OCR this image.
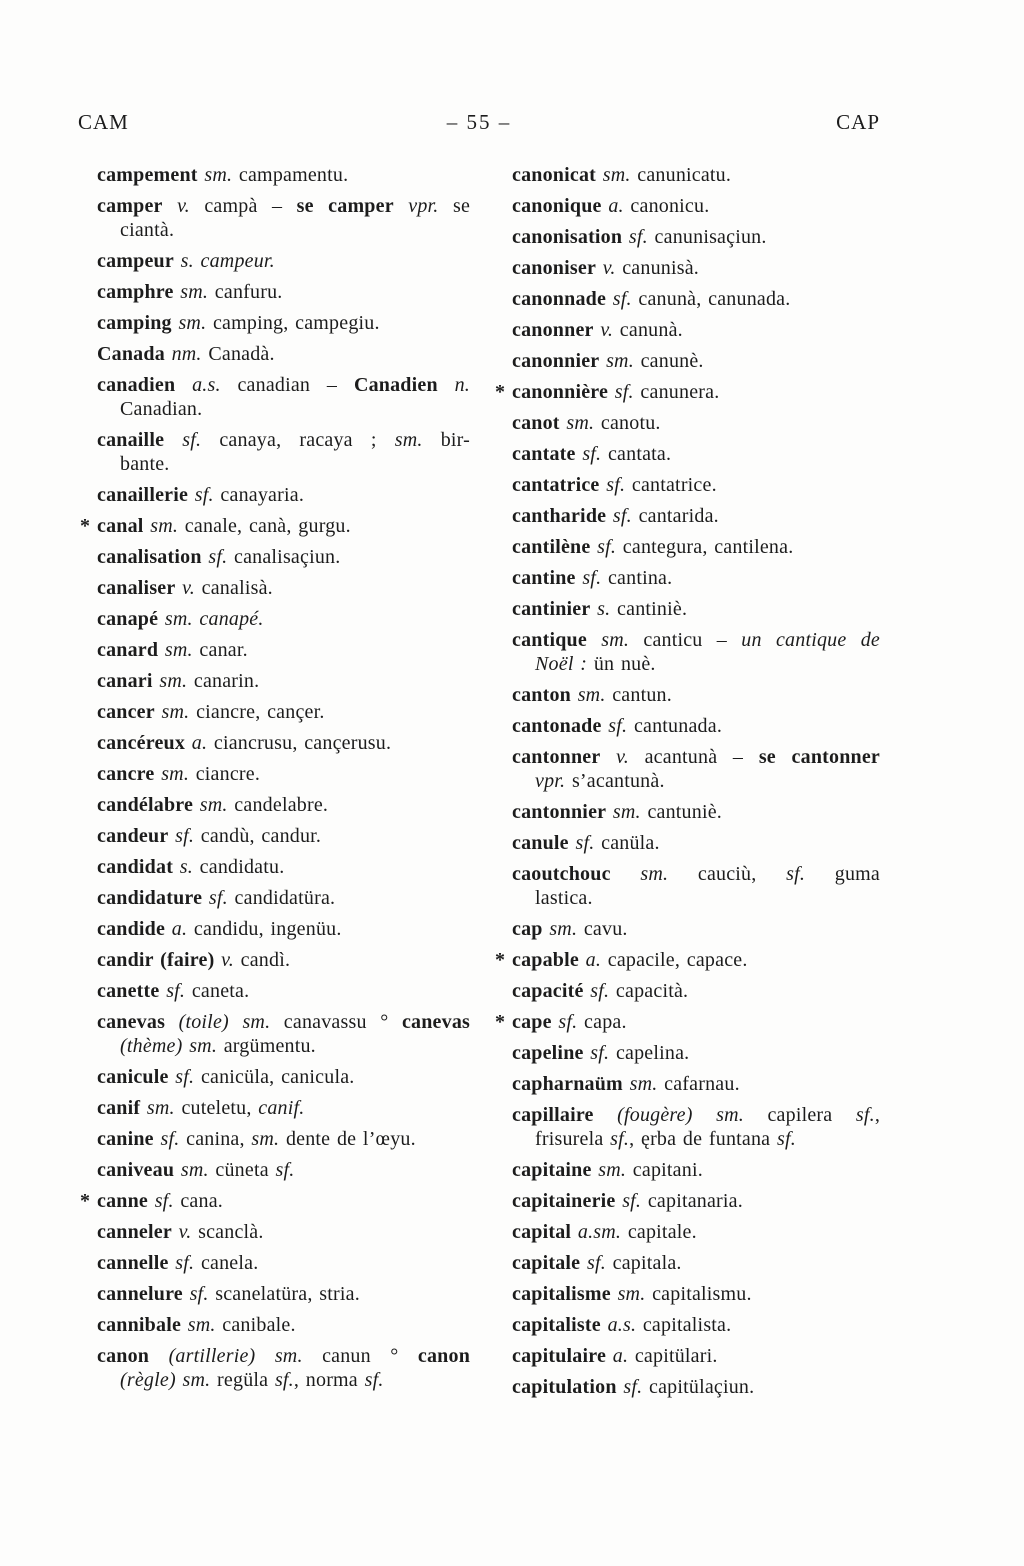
CAM	– 55 –	CAP
campement sm. campamentu.
camper v. campà – se camper vpr. se
ciantà.
campeur s. campeur.
camphre sm. canfuru.
camping sm. camping, campegiu.
Canada nm. Canadà.
canadien a.s. canadian – Canadien n.
Canadian.
canaille sf. canaya, racaya ; sm. bir-
bante.
canaillerie sf. canayaria.
* canal sm. canale, canà, gurgu.
canalisation sf. canalisaçiun.
canaliser v. canalisà.
canapé sm. canapé.
canard sm. canar.
canari sm. canarin.
cancer sm. ciancre, cançer.
cancéreux a. ciancrusu, cançerusu.
cancre sm. ciancre.
candélabre sm. candelabre.
candeur sf. candù, candur.
candidat s. candidatu.
candidature sf. candidatüra.
candide a. candidu, ingenüu.
candir (faire) v. candì.
canette sf. caneta.
canevas (toile) sm. canavassu ° canevas
(thème) sm. argümentu.
canicule sf. canicüla, canicula.
canif sm. cuteletu, canif.
canine sf. canina, sm. dente de l’œyu.
caniveau sm. cüneta sf.
* canne sf. cana.
canneler v. scanclà.
cannelle sf. canela.
cannelure sf. scanelatüra, stria.
cannibale sm. canibale.
canon (artillerie) sm. canun ° canon
(règle) sm. regüla sf., norma sf.
canonicat sm. canunicatu.
canonique a. canonicu.
canonisation sf. canunisaçiun.
canoniser v. canunisà.
canonnade sf. canunà, canunada.
canonner v. canunà.
canonnier sm. canunè.
* canonnière sf. canunera.
canot sm. canotu.
cantate sf. cantata.
cantatrice sf. cantatrice.
cantharide sf. cantarida.
cantilène sf. cantegura, cantilena.
cantine sf. cantina.
cantinier s. cantiniè.
cantique sm. canticu – un cantique de
Noël : ün nuè.
canton sm. cantun.
cantonade sf. cantunada.
cantonner v. acantunà – se cantonner
vpr. s’acantunà.
cantonnier sm. cantuniè.
canule sf. canüla.
caoutchouc sm. cauciù, sf. guma
lastica.
cap sm. cavu.
* capable a. capacile, capace.
capacité sf. capacità.
* cape sf. capa.
capeline sf. capelina.
capharnaüm sm. cafarnau.
capillaire (fougère) sm. capilera sf.,
frisurela sf., ęrba de funtana sf.
capitaine sm. capitani.
capitainerie sf. capitanaria.
capital a.sm. capitale.
capitale sf. capitala.
capitalisme sm. capitalismu.
capitaliste a.s. capitalista.
capitulaire a. capitülari.
capitulation sf. capitülaçiun.
